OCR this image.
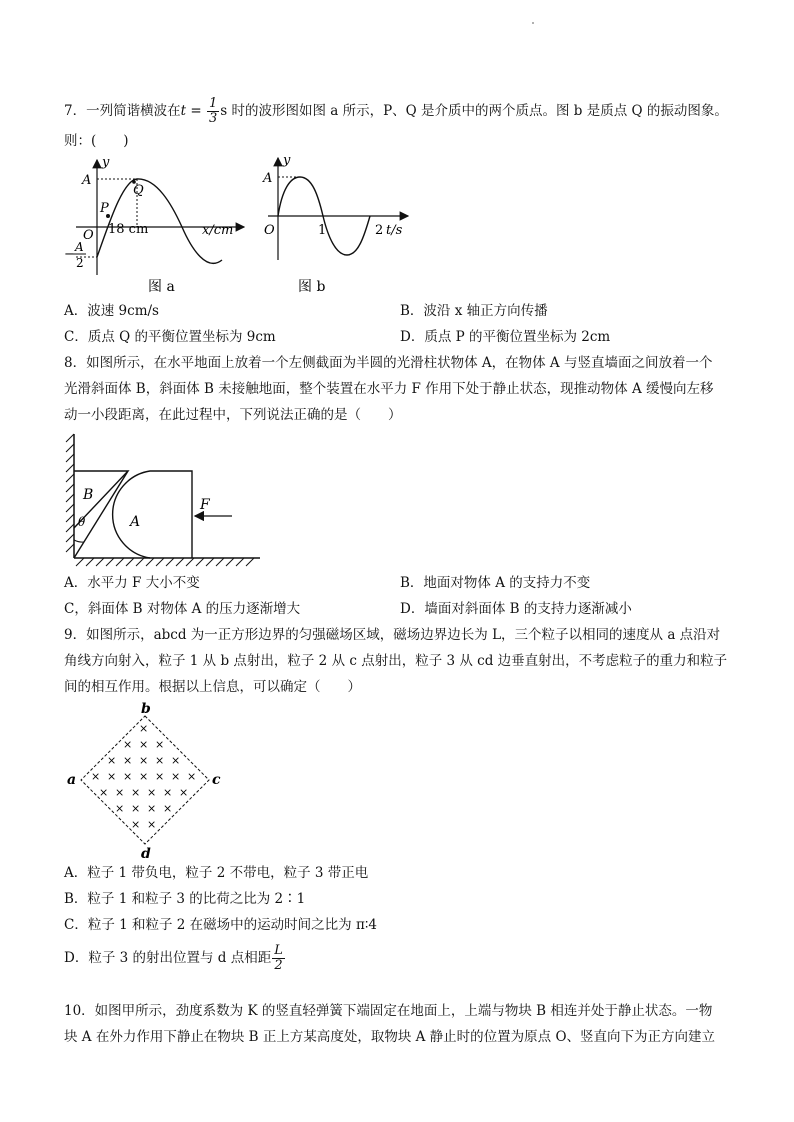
7．一列简谐横波在$t = \frac{1}{3}$ s 时的波形图如图 a 所示，P、Q 是介质中的两个质点。图 b 是质点 Q 的振动图象。
则：(　　)
y
A
Q
P
O 18 cm	x/cm
− A
2
图 a
y
A
O	1	2 t/s
图 b
A．波速 9cm/s	B．波沿 x 轴正方向传播
C．质点 Q 的平衡位置坐标为 9cm	D．质点 P 的平衡位置坐标为 2cm
8．如图所示，在水平地面上放着一个左侧截面为半圆的光滑柱状物体 A，在物体 A 与竖直墙面之间放着一个
光滑斜面体 B，斜面体 B 未接触地面，整个装置在水平力 F 作用下处于静止状态，现推动物体 A 缓慢向左移
动一小段距离，在此过程中，下列说法正确的是（　　）
B
A
F
θ
A．水平力 F 大小不变	B．地面对物体 A 的支持力不变
C，斜面体 B 对物体 A 的压力逐渐增大	D．墙面对斜面体 B 的支持力逐渐减小
9．如图所示，abcd 为一正方形边界的匀强磁场区域，磁场边界边长为 L，三个粒子以相同的速度从 a 点沿对
角线方向射入，粒子 1 从 b 点射出，粒子 2 从 c 点射出，粒子 3 从 cd 边垂直射出，不考虑粒子的重力和粒子
间的相互作用。根据以上信息，可以确定（　　）
×
× × ×
× × × × ×
× × × × × × ×
× × × × × ×
× × × ×
× ×
a
b
c
d
A．粒子 1 带负电，粒子 2 不带电，粒子 3 带正电
B．粒子 1 和粒子 3 的比荷之比为 2∶1
C．粒子 1 和粒子 2 在磁场中的运动时间之比为 π∶4
D．粒子 3 的射出位置与 d 点相距 $\frac{L}{2}$
10．如图甲所示，劲度系数为 K 的竖直轻弹簧下端固定在地面上，上端与物块 B 相连并处于静止状态。一物
块 A 在外力作用下静止在物块 B 正上方某高度处，取物块 A 静止时的位置为原点 O、竖直向下为正方向建立
